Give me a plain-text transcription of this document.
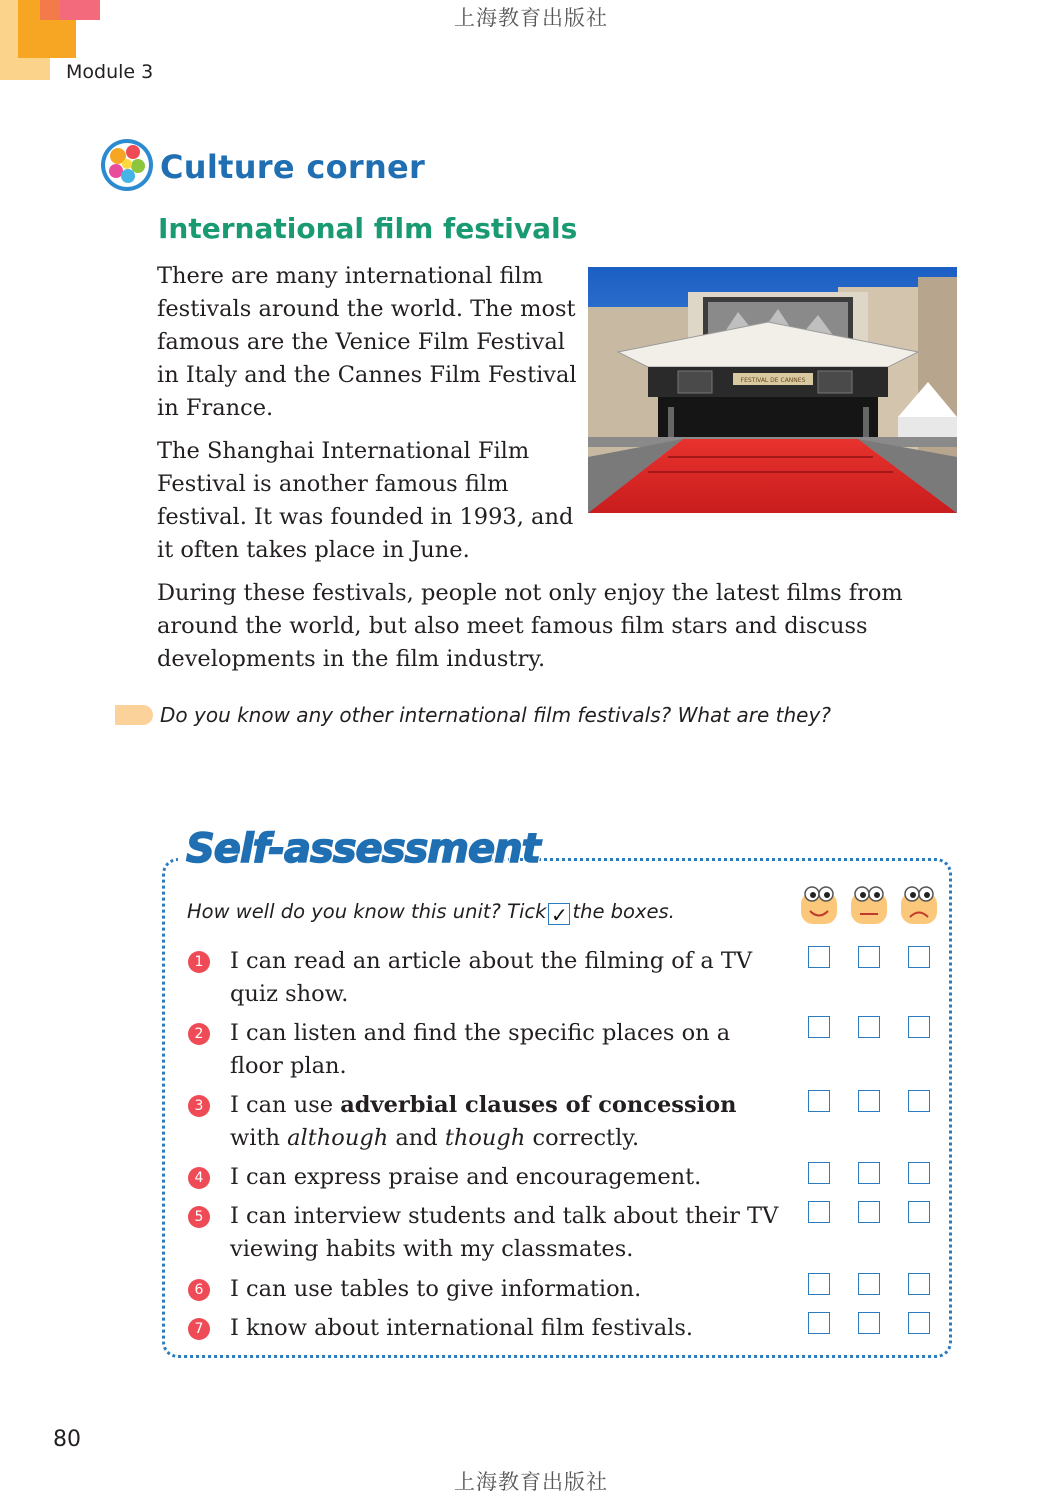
上海教育出版社
Module 3
Culture corner
International film festivals

There are many international film festivals around the world. The most famous are the Venice Film Festival in Italy and the Cannes Film Festival in France.

The Shanghai International Film Festival is another famous film festival. It was founded in 1993, and it often takes place in June.

During these festivals, people not only enjoy the latest films from around the world, but also meet famous film stars and discuss developments in the film industry.

FESTIVAL DE CANNES
Do you know any other international film festivals? What are they?
Self-assessment
How well do you know this unit? Tick ✓ the boxes.
1 I can read an article about the filming of a TV quiz show.

2 I can listen and find the specific places on a floor plan.

3 I can use adverbial clauses of concession with although and though correctly.

4 I can express praise and encouragement.

5 I can interview students and talk about their TV viewing habits with my classmates.

6 I can use tables to give information.

7 I know about international film festivals.

80
上海教育出版社
